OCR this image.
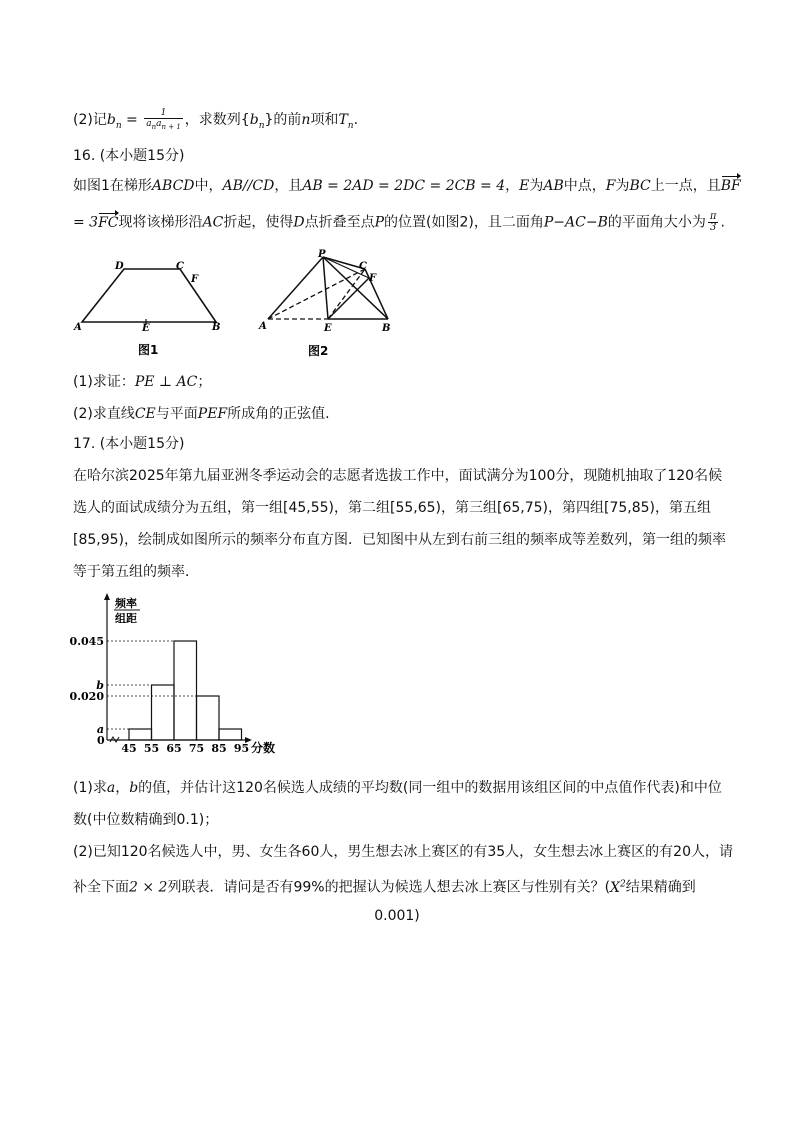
(2)记$b_n = \frac{1}{a_na_{n + 1}}$ ，求数列$\{b_n\}$的前n项和$T_n$.
16. (本小题15分)
如图1在梯形ABCD中，AB//CD，且AB = 2AD = 2DC = 2CB = 4，E为AB中点，F为BC上一点，且BF
= 3FC现将该梯形沿AC折起，使得D点折叠至点P的位置(如图2)，且二面角P−AC−B的平面角大小为 $\frac{\pi}{3}$ .
D	C
F
A	E	B
图1
P
C
F
A	E	B
图2
(1)求证：PE ⊥ AC；
(2)求直线CE与平面PEF所成角的正弦值.
17. (本小题15分)
在哈尔滨2025年第九届亚洲冬季运动会的志愿者选拔工作中，面试满分为100分，现随机抽取了120名候
选人的面试成绩分为五组，第一组[45,55)，第二组[55,65)，第三组[65,75)，第四组[75,85)，第五组
[85,95)，绘制成如图所示的频率分布直方图．已知图中从左到右前三组的频率成等差数列，第一组的频率
等于第五组的频率．
频率
组距
0
a
b
0.045
0.020
45 55 65 75 85 95 分数
(1)求a，b的值，并估计这120名候选人成绩的平均数(同一组中的数据用该组区间的中点值作代表)和中位
数(中位数精确到0.1)；
(2)已知120名候选人中，男、女生各60人，男生想去冰上赛区的有35人，女生想去冰上赛区的有20人，请
补全下面2 × 2列联表．请问是否有99%的把握认为候选人想去冰上赛区与性别有关？($X^2$结果精确到
0.001)
